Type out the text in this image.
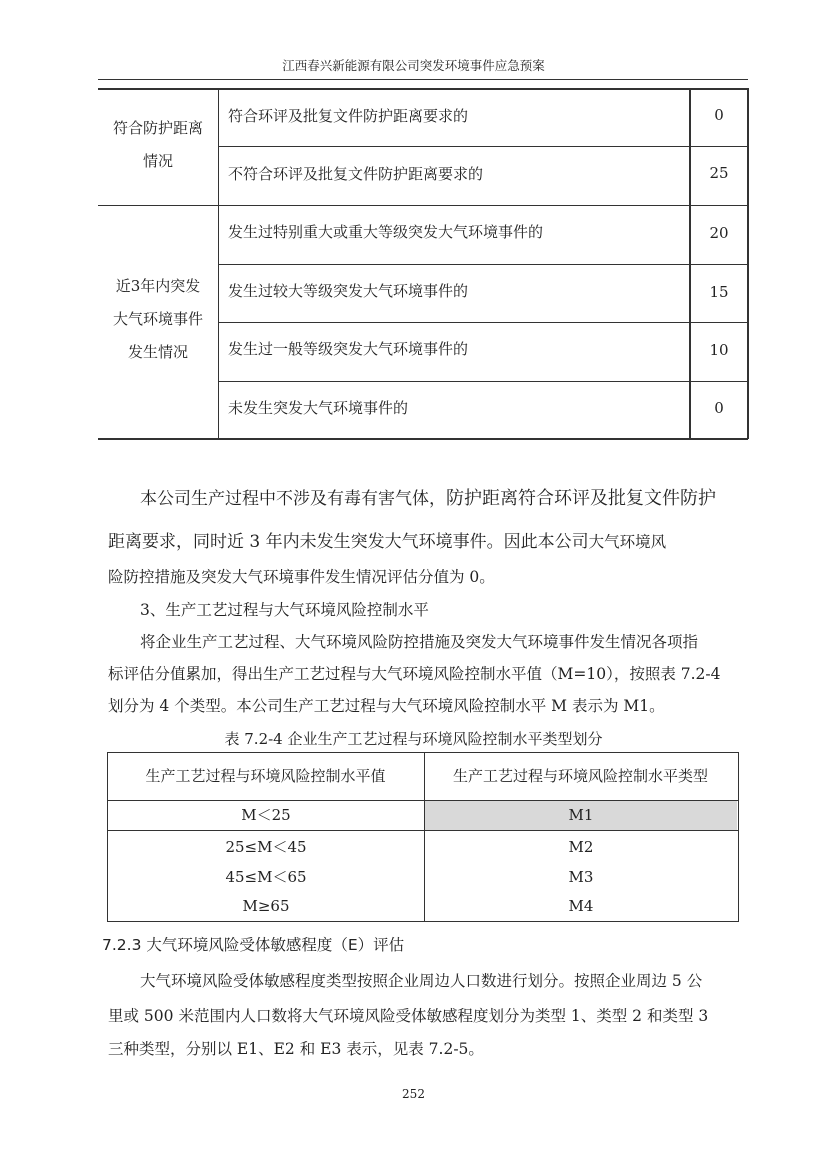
江西春兴新能源有限公司突发环境事件应急预案
符合防护距离
情况
符合环评及批复文件防护距离要求的	0
不符合环评及批复文件防护距离要求的	25
近3年内突发
大气环境事件
发生情况
发生过特别重大或重大等级突发大气环境事件的	20
发生过较大等级突发大气环境事件的	15
发生过一般等级突发大气环境事件的	10
未发生突发大气环境事件的	0
本公司生产过程中不涉及有毒有害气体，防护距离符合环评及批复文件防护
距离要求，同时近 3 年内未发生突发大气环境事件。因此本公司大气环境风
险防控措施及突发大气环境事件发生情况评估分值为 0。
3、生产工艺过程与大气环境风险控制水平
将企业生产工艺过程、大气环境风险防控措施及突发大气环境事件发生情况各项指
标评估分值累加，得出生产工艺过程与大气环境风险控制水平值（M=10），按照表 7.2-4
划分为 4 个类型。本公司生产工艺过程与大气环境风险控制水平 M 表示为 M1。
表 7.2-4 企业生产工艺过程与环境风险控制水平类型划分
生产工艺过程与环境风险控制水平值	生产工艺过程与环境风险控制水平类型
M＜25	M1
25≤M＜45	M2
45≤M＜65	M3
M≥65	M4
7.2.3 大气环境风险受体敏感程度（E）评估
大气环境风险受体敏感程度类型按照企业周边人口数进行划分。按照企业周边 5 公
里或 500 米范围内人口数将大气环境风险受体敏感程度划分为类型 1、类型 2 和类型 3
三种类型，分别以 E1、E2 和 E3 表示，见表 7.2-5。
252
